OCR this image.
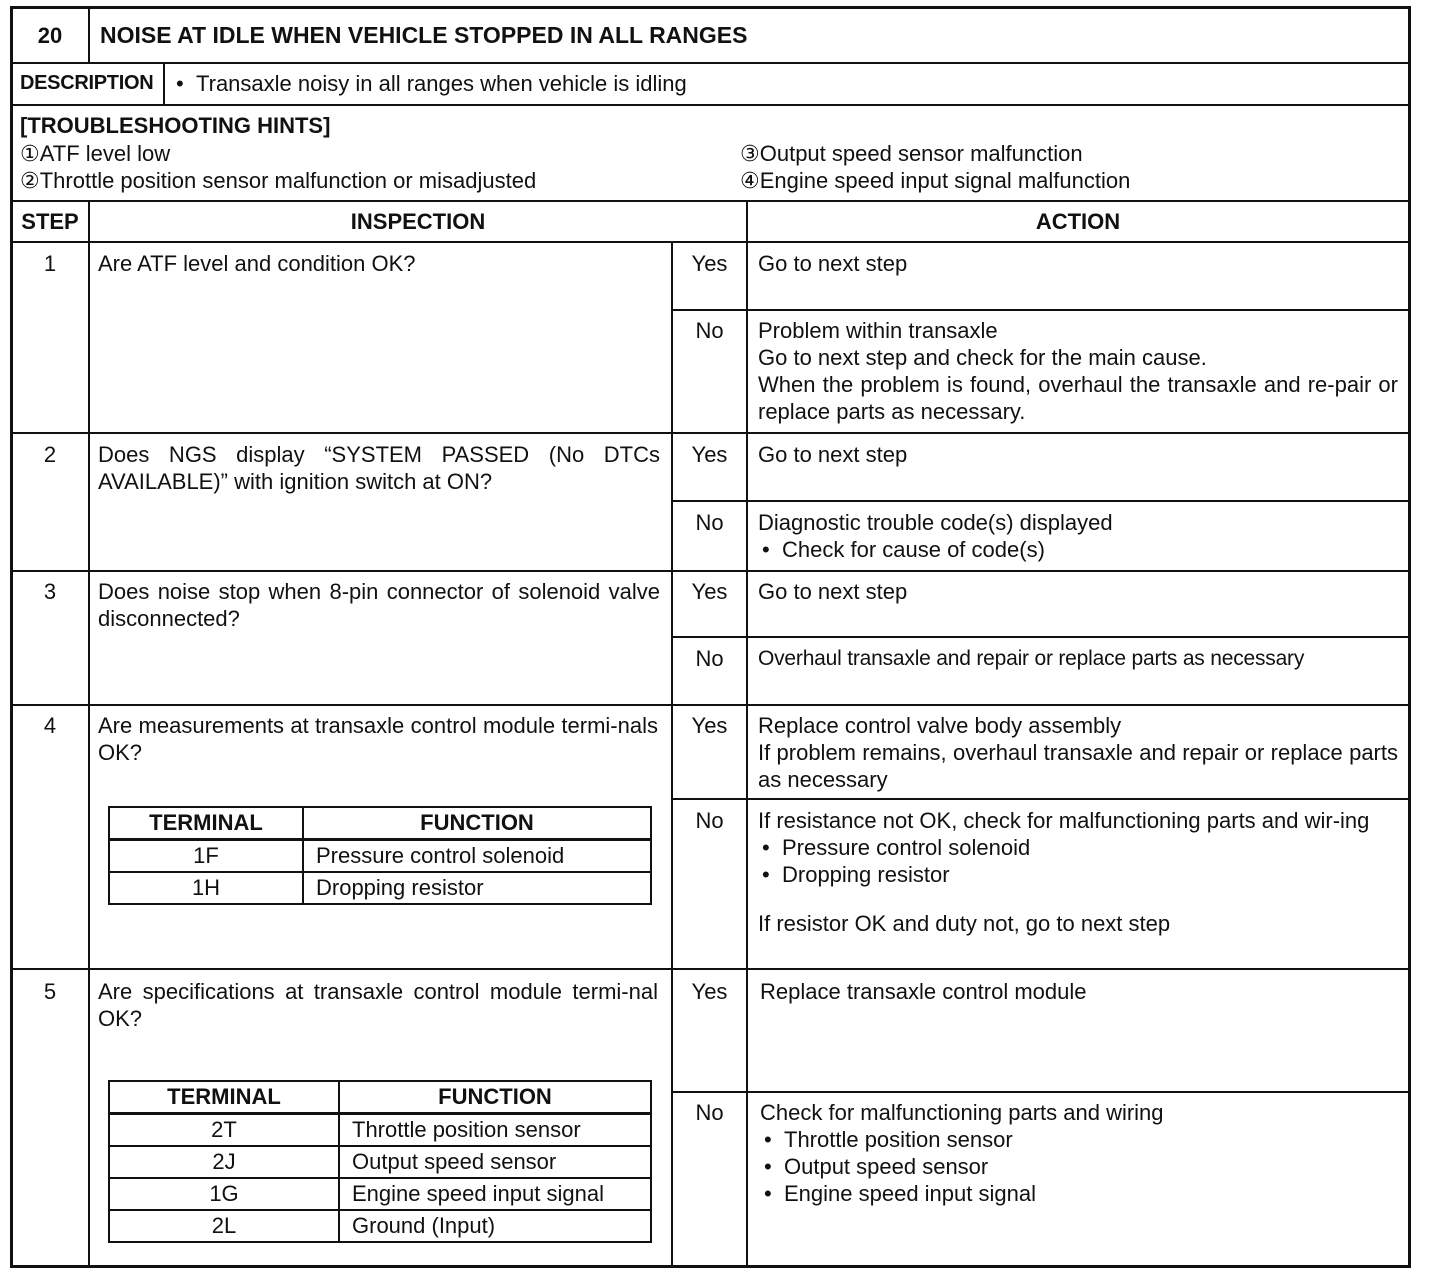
20	NOISE AT IDLE WHEN VEHICLE STOPPED IN ALL RANGES
DESCRIPTION	• Transaxle noisy in all ranges when vehicle is idling
[TROUBLESHOOTING HINTS]
①ATF level low
②Throttle position sensor malfunction or misadjusted
③Output speed sensor malfunction
④Engine speed input signal malfunction
STEP	INSPECTION	ACTION
1	Are ATF level and condition OK?	Yes	Go to next step
No	Problem within transaxle
Go to next step and check for the main cause.
When the problem is found, overhaul the transaxle and re-pair or replace parts as necessary.
2	Does NGS display “SYSTEM PASSED (No DTCs AVAILABLE)” with ignition switch at ON?
Yes	Go to next step
No	Diagnostic trouble code(s) displayed
• Check for cause of code(s)
3	Does noise stop when 8-pin connector of solenoid valve disconnected?
Yes	Go to next step
No	Overhaul transaxle and repair or replace parts as necessary
4	Are measurements at transaxle control module termi-nals OK?
TERMINAL	FUNCTION
1F	Pressure control solenoid
1H	Dropping resistor
Yes	Replace control valve body assembly
If problem remains, overhaul transaxle and repair or replace parts as necessary
No	If resistance not OK, check for malfunctioning parts and wir-ing
• Pressure control solenoid
• Dropping resistor
If resistor OK and duty not, go to next step
5	Are specifications at transaxle control module termi-nal OK?
TERMINAL	FUNCTION
2T	Throttle position sensor
2J	Output speed sensor
1G	Engine speed input signal
2L	Ground (Input)
Yes	Replace transaxle control module
No	Check for malfunctioning parts and wiring
• Throttle position sensor
• Output speed sensor
• Engine speed input signal
